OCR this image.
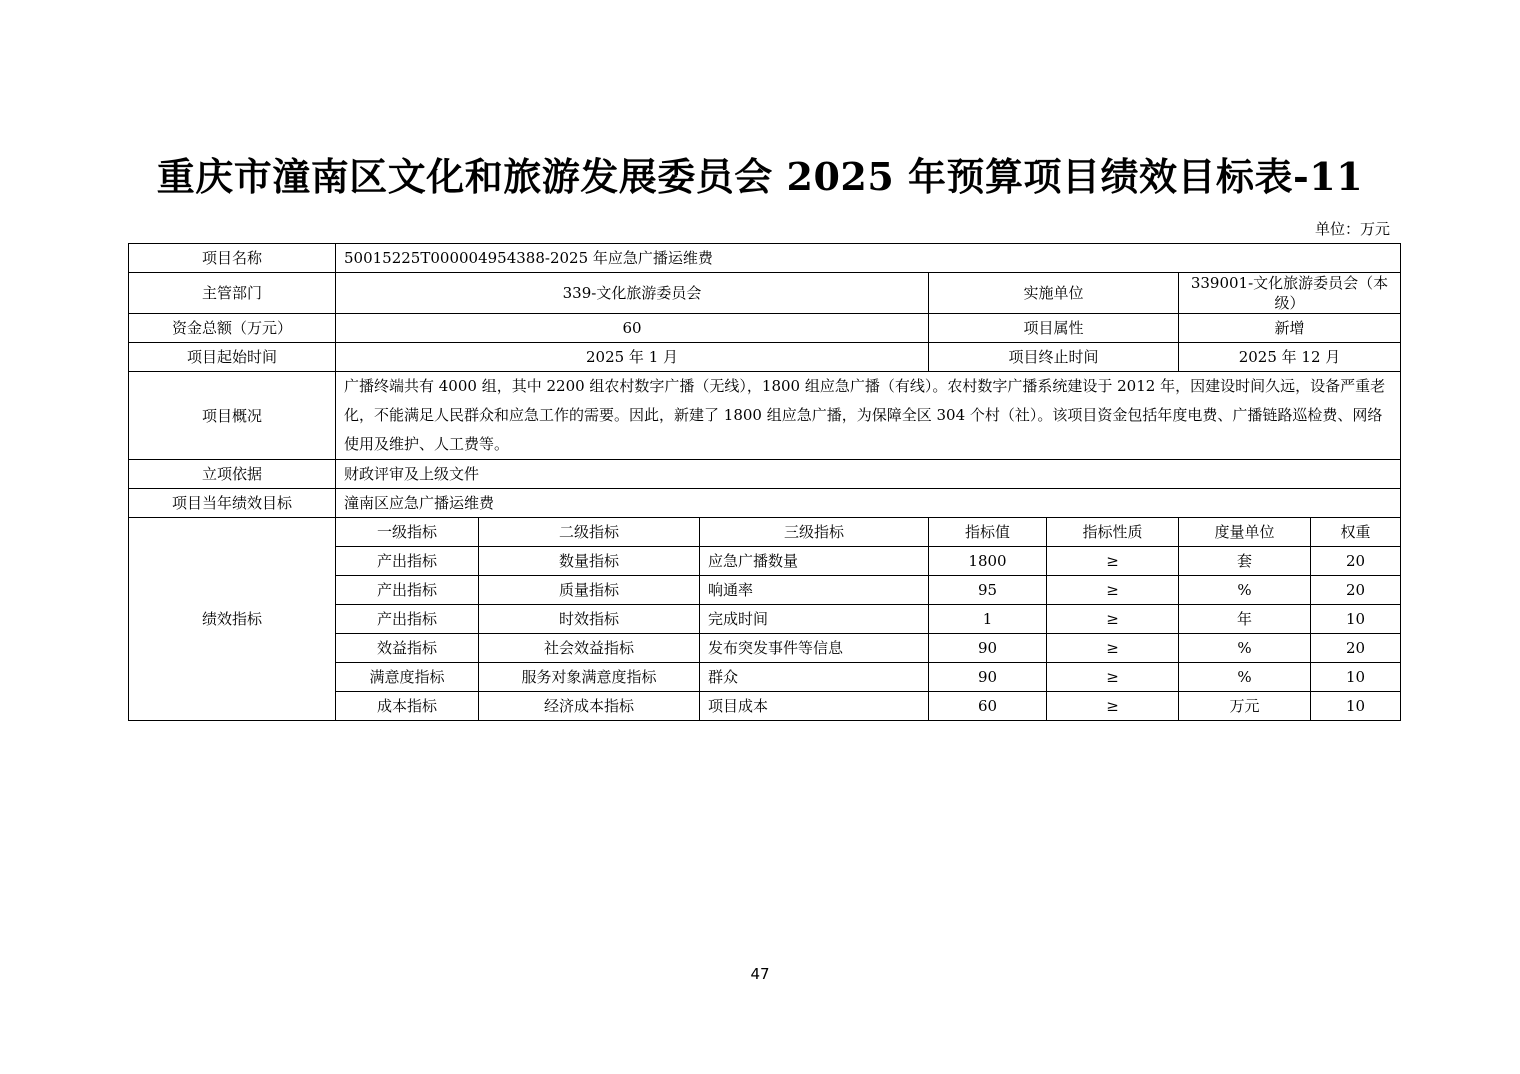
重庆市潼南区文化和旅游发展委员会 2025 年预算项目绩效目标表-11
单位：万元
项目名称	50015225T000004954388-2025 年应急广播运维费						
主管部门	339-文化旅游委员会			实施单位		339001-文化旅游委员会（本级）	
资金总额（万元）	60			项目属性		新增	
项目起始时间	2025 年 1 月			项目终止时间		2025 年 12 月	
项目概况	广播终端共有 4000 组，其中 2200 组农村数字广播（无线），1800 组应急广播（有线）。农村数字广播系统建设于 2012 年，因建设时间久远，设备严重老化，不能满足人民群众和应急工作的需要。因此，新建了 1800 组应急广播，为保障全区 304 个村（社）。该项目资金包括年度电费、广播链路巡检费、网络使用及维护、人工费等。						
立项依据	财政评审及上级文件						
项目当年绩效目标	潼南区应急广播运维费						
绩效指标	一级指标	二级指标	三级指标	指标值	指标性质	度量单位	权重
	产出指标	数量指标	应急广播数量	1800	≥	套	20
	产出指标	质量指标	响通率	95	≥	%	20
	产出指标	时效指标	完成时间	1	≥	年	10
	效益指标	社会效益指标	发布突发事件等信息	90	≥	%	20
	满意度指标	服务对象满意度指标	群众	90	≥	%	10
	成本指标	经济成本指标	项目成本	60	≥	万元	10
47
